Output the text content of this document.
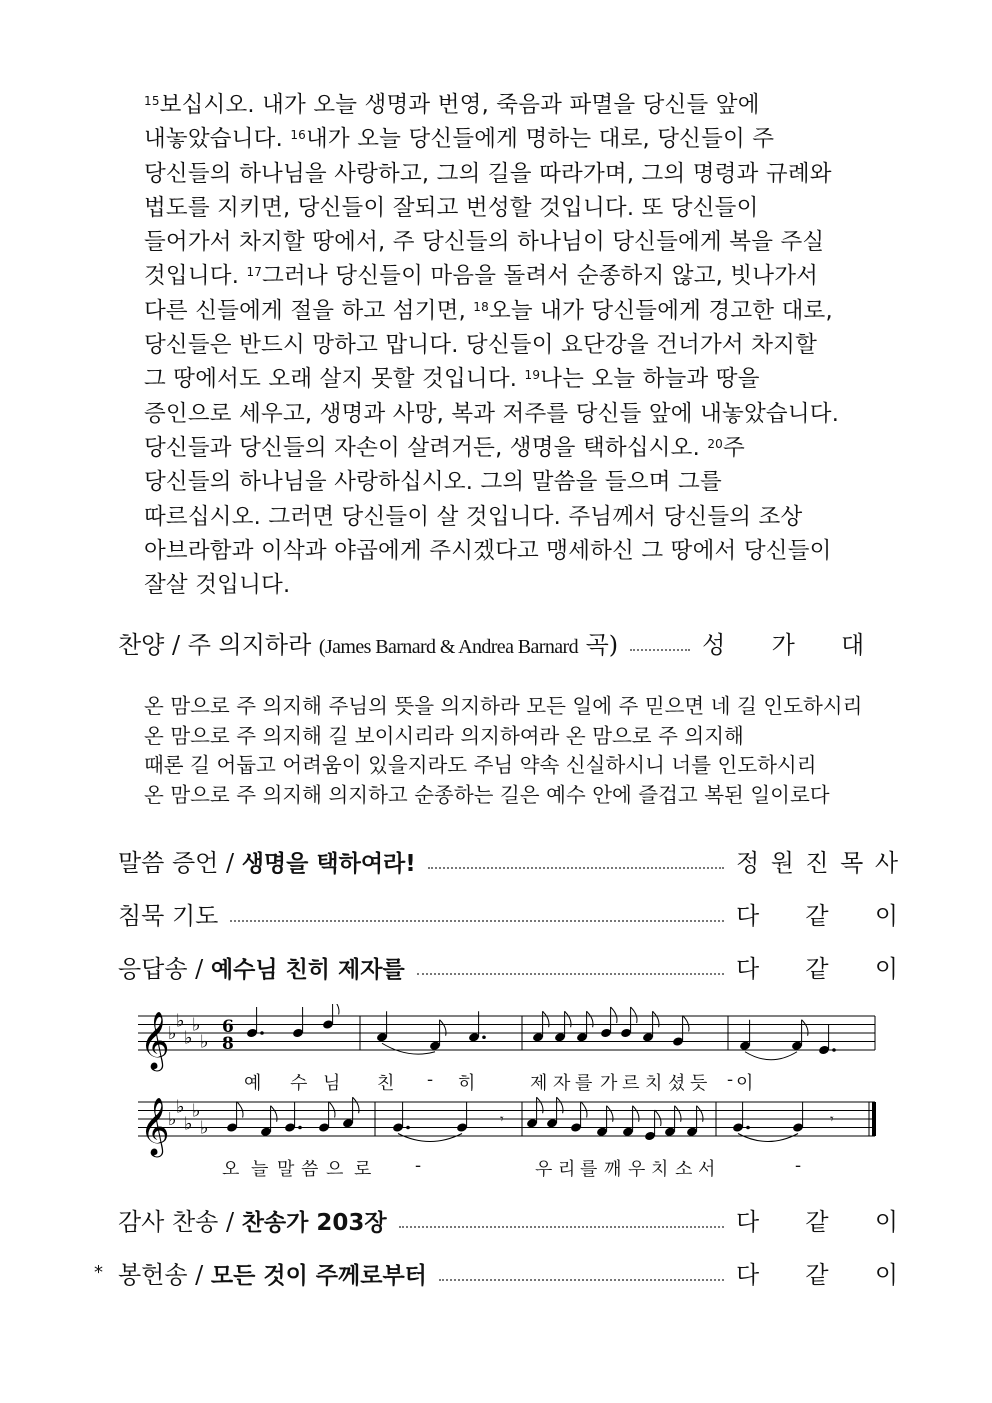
$^{15}$보십시오. 내가 오늘 생명과 번영, 죽음과 파멸을 당신들 앞에
내놓았습니다. $^{16}$내가 오늘 당신들에게 명하는 대로, 당신들이 주
당신들의 하나님을 사랑하고, 그의 길을 따라가며, 그의 명령과 규례와
법도를 지키면, 당신들이 잘되고 번성할 것입니다. 또 당신들이
들어가서 차지할 땅에서, 주 당신들의 하나님이 당신들에게 복을 주실
것입니다. $^{17}$그러나 당신들이 마음을 돌려서 순종하지 않고, 빗나가서
다른 신들에게 절을 하고 섬기면, $^{18}$오늘 내가 당신들에게 경고한 대로,
당신들은 반드시 망하고 맙니다. 당신들이 요단강을 건너가서 차지할
그 땅에서도 오래 살지 못할 것입니다. $^{19}$나는 오늘 하늘과 땅을
증인으로 세우고, 생명과 사망, 복과 저주를 당신들 앞에 내놓았습니다.
당신들과 당신들의 자손이 살려거든, 생명을 택하십시오. $^{20}$주
당신들의 하나님을 사랑하십시오. 그의 말씀을 들으며 그를
따르십시오. 그러면 당신들이 살 것입니다. 주님께서 당신들의 조상
아브라함과 이삭과 야곱에게 주시겠다고 맹세하신 그 땅에서 당신들이
잘살 것입니다.
찬양 / 주 의지하라 (James Barnard & Andrea Barnard 곡)	성 가 대
온 맘으로 주 의지해 주님의 뜻을 의지하라 모든 일에 주 믿으면 네 길 인도하시리
온 맘으로 주 의지해 길 보이시리라 의지하여라 온 맘으로 주 의지해
때론 길 어둡고 어려움이 있을지라도 주님 약속 신실하시니 너를 인도하시리
온 맘으로 주 의지해 의지하고 순종하는 길은 예수 안에 즐겁고 복된 일이로다
말씀 증언 / 생명을 택하여라!	정 원 진 목 사
침묵 기도	다 같 이
응답송 / 예수님 친히 제자를	다 같 이
𝄞
♭
♭
♭
♭
♭
6
8
𝄞
♭
♭
♭
♭
♭	𝄾	𝄾
예 수 님 친 - 히	제 자 를 가 르 치 셨 듯 - 이
오 늘 말 씀 으 로 -	우 리 를 깨 우 치 소 서	-
감사 찬송 / 찬송가 203장	다 같 이
* 봉헌송 / 모든 것이 주께로부터	다 같 이
